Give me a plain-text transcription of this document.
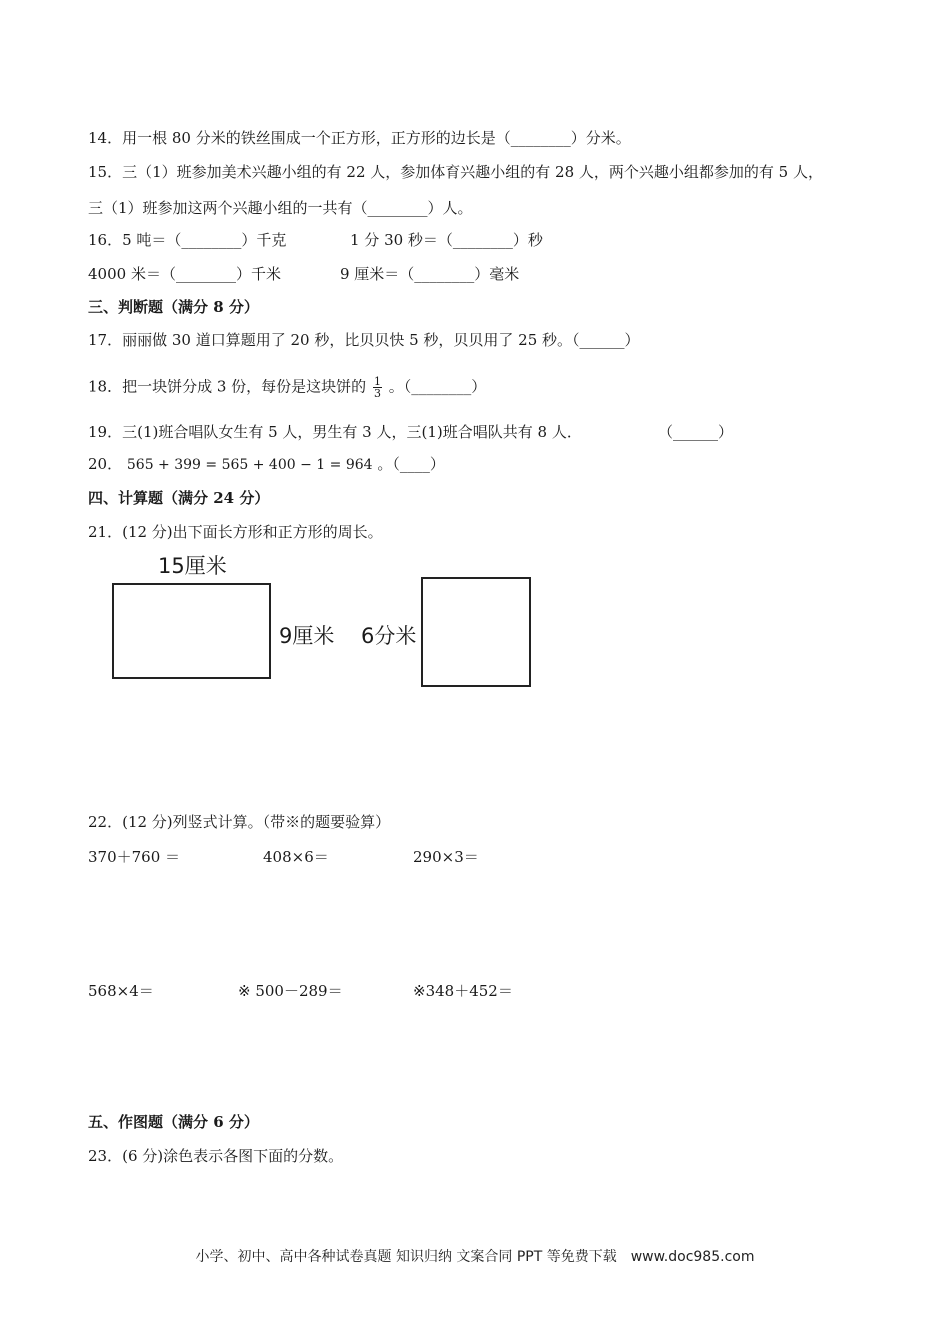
14．用一根 80 分米的铁丝围成一个正方形，正方形的边长是（________）分米。
15．三（1）班参加美术兴趣小组的有 22 人，参加体育兴趣小组的有 28 人，两个兴趣小组都参加的有 5 人，
三（1）班参加这两个兴趣小组的一共有（________）人。
16．5 吨＝（________）千克	1 分 30 秒＝（________）秒
4000 米＝（________）千米	9 厘米＝（________）毫米
三、判断题（满分 8 分）
17．丽丽做 30 道口算题用了 20 秒，比贝贝快 5 秒，贝贝用了 25 秒。（______）
18．把一块饼分成 3 份，每份是这块饼的 $\frac{1}{3}$ 。（________）
19．三(1)班合唱队女生有 5 人，男生有 3 人，三(1)班合唱队共有 8 人．	（______）
20． 565 + 399 = 565 + 400 − 1 = 964 。（____）
四、计算题（满分 24 分）
21．(12 分)出下面长方形和正方形的周长。
15厘米
9厘米 6分米
22．(12 分)列竖式计算。（带※的题要验算）
370＋760 ＝	408×6＝	290×3＝
568×4＝	※ 500－289＝	※348＋452＝
五、作图题（满分 6 分）
23．(6 分)涂色表示各图下面的分数。
小学、初中、高中各种试卷真题 知识归纳 文案合同 PPT 等免费下载　www.doc985.com
